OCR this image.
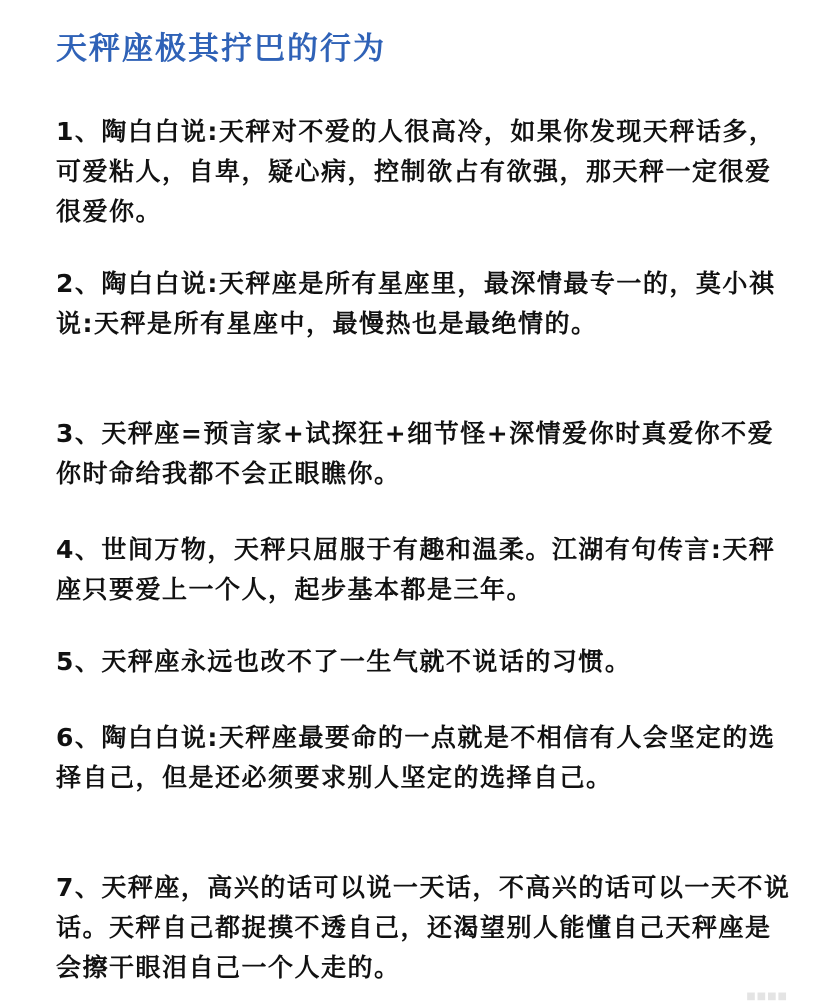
天秤座极其拧巴的行为

1、陶白白说:天秤对不爱的人很高冷，如果你发现天秤话多，可爱粘人，自卑，疑心病，控制欲占有欲强，那天秤一定很爱很爱你。

2、陶白白说:天秤座是所有星座里，最深情最专一的，莫小祺说:天秤是所有星座中，最慢热也是最绝情的。

3、天秤座=预言家+试探狂+细节怪+深情爱你时真爱你不爱你时命给我都不会正眼瞧你。

4、世间万物，天秤只屈服于有趣和温柔。江湖有句传言:天秤座只要爱上一个人，起步基本都是三年。

5、天秤座永远也改不了一生气就不说话的习惯。

6、陶白白说:天秤座最要命的一点就是不相信有人会坚定的选择自己，但是还必须要求别人坚定的选择自己。

7、天秤座，高兴的话可以说一天话，不高兴的话可以一天不说话。天秤自己都捉摸不透自己，还渴望别人能懂自己天秤座是会擦干眼泪自己一个人走的。

■■■■
